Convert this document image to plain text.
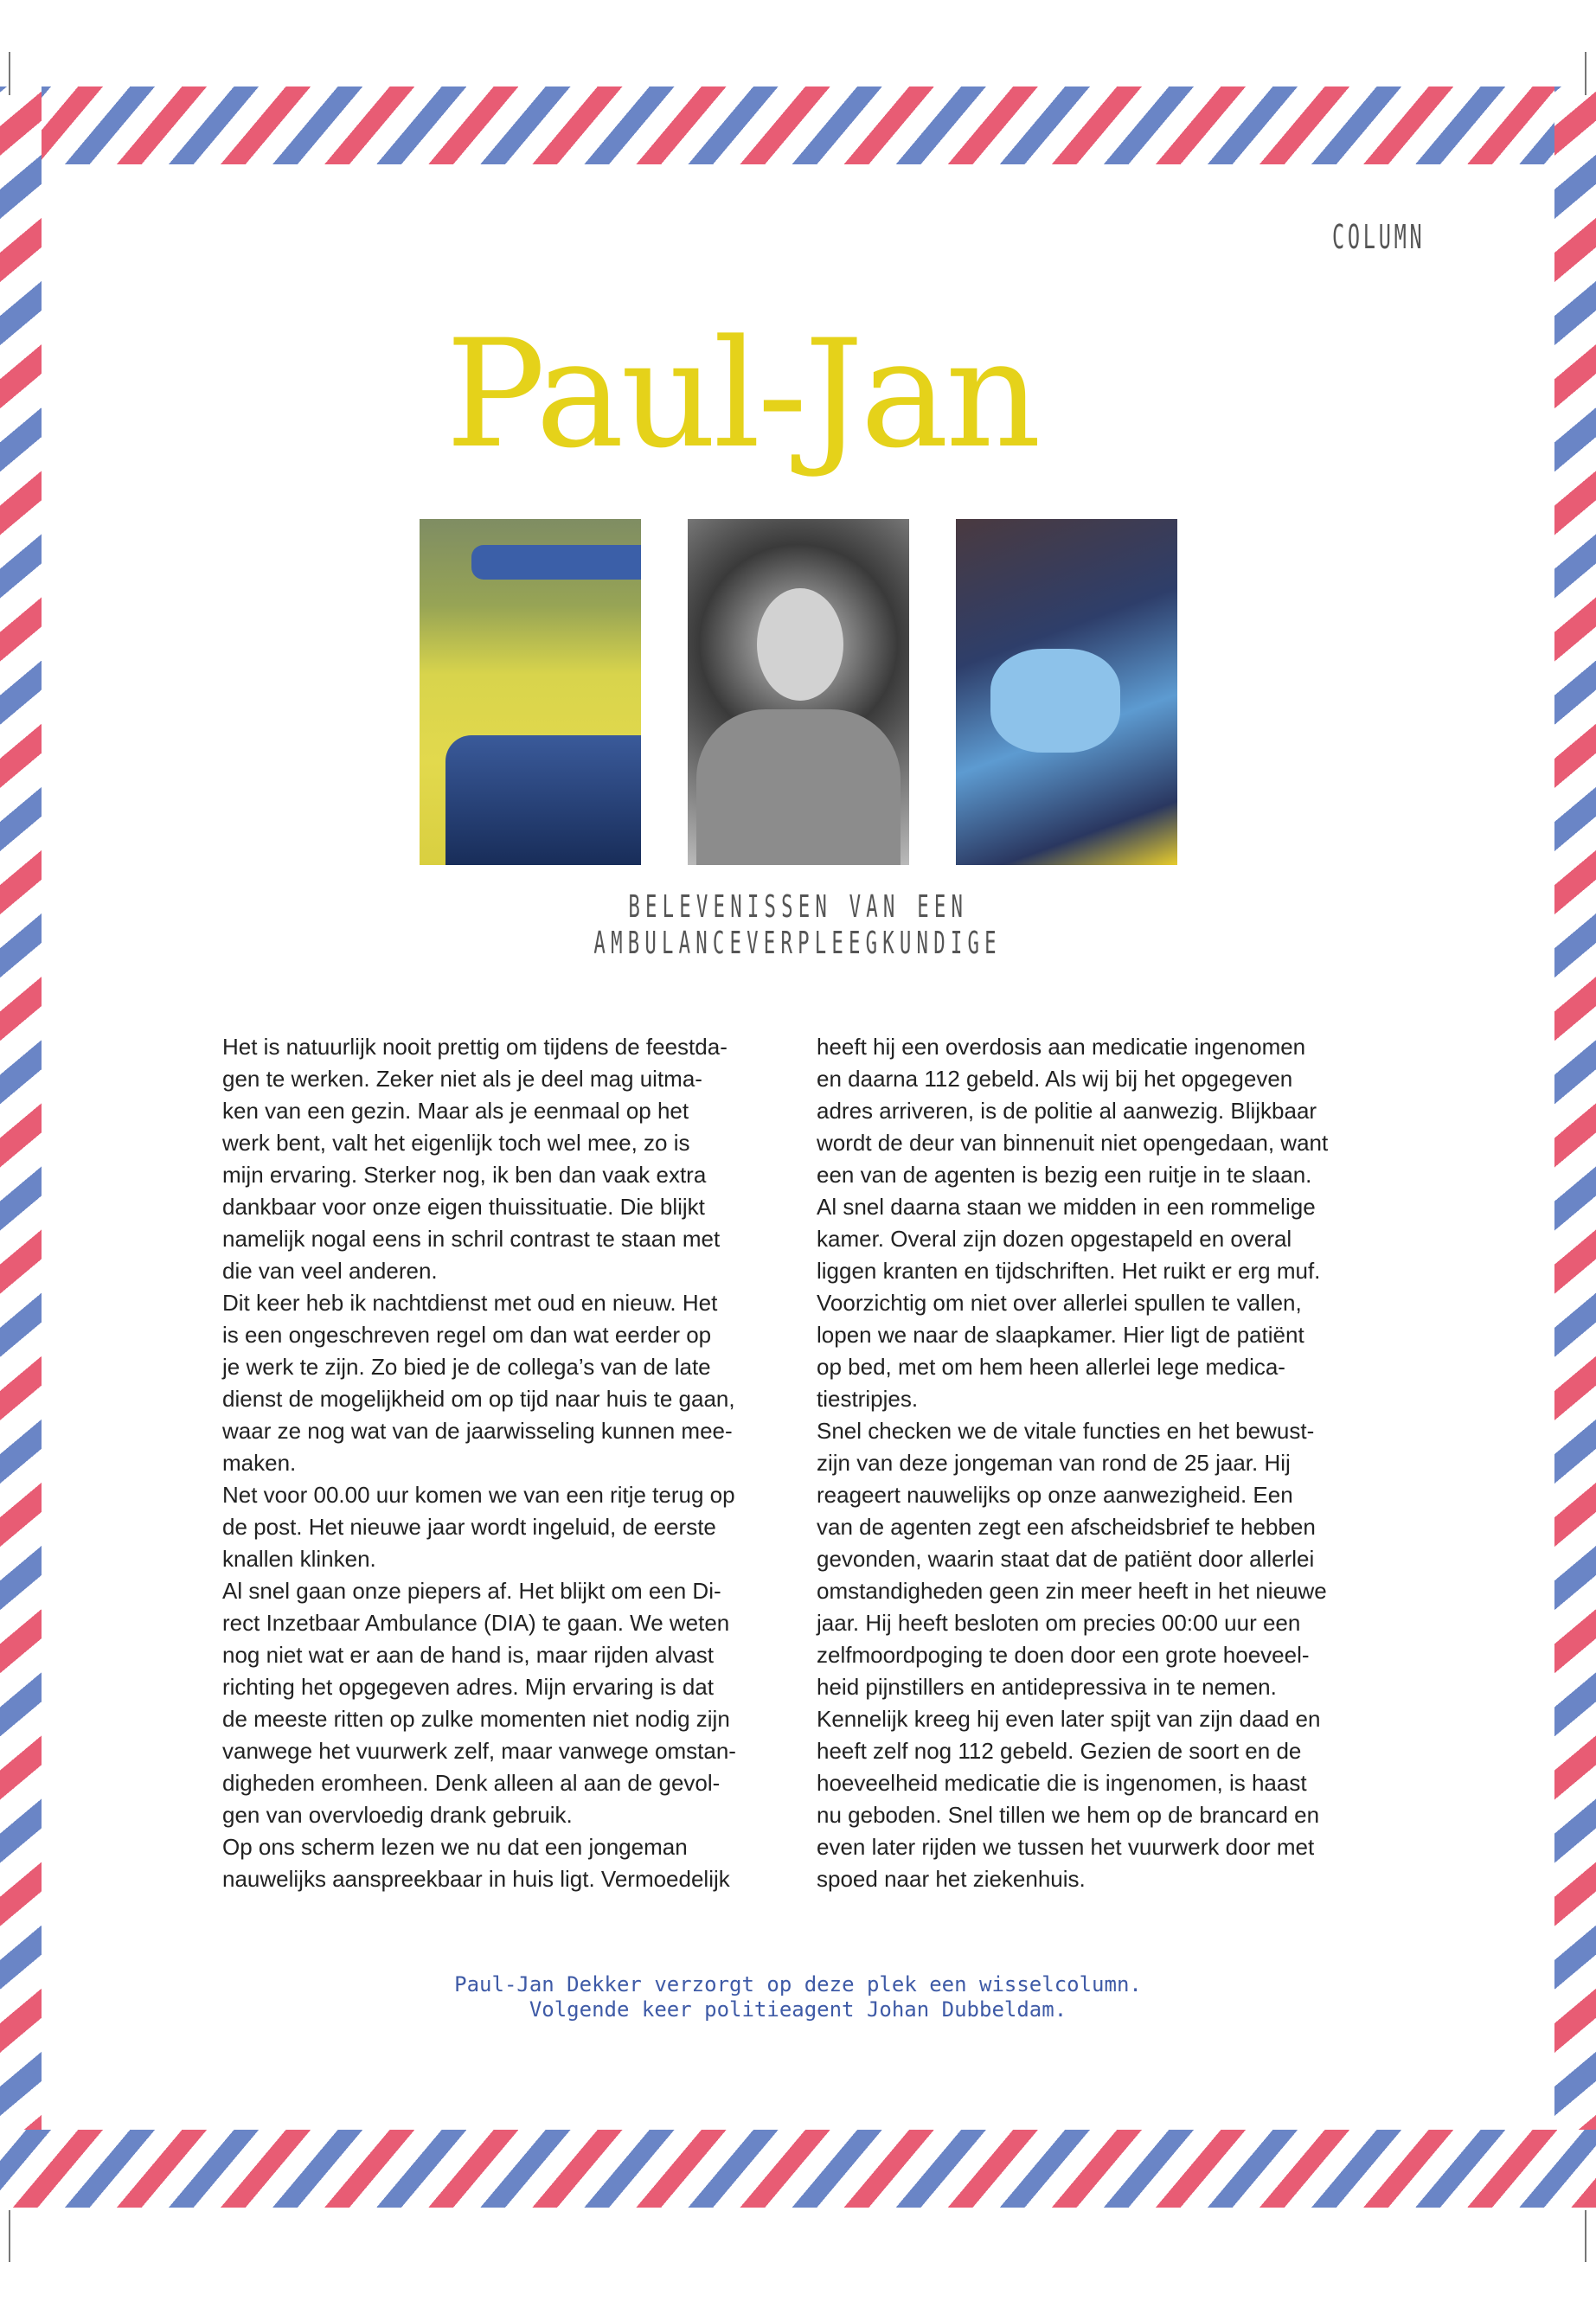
COLUMN
Paul-Jan
BELEVENISSEN VAN EEN
AMBULANCEVERPLEEGKUNDIGE
Het is natuurlijk nooit prettig om tijdens de feestda-
gen te werken. Zeker niet als je deel mag uitma-
ken van een gezin. Maar als je eenmaal op het
werk bent, valt het eigenlijk toch wel mee, zo is
mijn ervaring. Sterker nog, ik ben dan vaak extra
dankbaar voor onze eigen thuissituatie. Die blijkt
namelijk nogal eens in schril contrast te staan met
die van veel anderen.
Dit keer heb ik nachtdienst met oud en nieuw. Het
is een ongeschreven regel om dan wat eerder op
je werk te zijn. Zo bied je de collega’s van de late
dienst de mogelijkheid om op tijd naar huis te gaan,
waar ze nog wat van de jaarwisseling kunnen mee-
maken.
Net voor 00.00 uur komen we van een ritje terug op
de post. Het nieuwe jaar wordt ingeluid, de eerste
knallen klinken.
Al snel gaan onze piepers af. Het blijkt om een Di-
rect Inzetbaar Ambulance (DIA) te gaan. We weten
nog niet wat er aan de hand is, maar rijden alvast
richting het opgegeven adres. Mijn ervaring is dat
de meeste ritten op zulke momenten niet nodig zijn
vanwege het vuurwerk zelf, maar vanwege omstan-
digheden eromheen. Denk alleen al aan de gevol-
gen van overvloedig drank gebruik.
Op ons scherm lezen we nu dat een jongeman
nauwelijks aanspreekbaar in huis ligt. Vermoedelijk
heeft hij een overdosis aan medicatie ingenomen
en daarna 112 gebeld. Als wij bij het opgegeven
adres arriveren, is de politie al aanwezig. Blijkbaar
wordt de deur van binnenuit niet opengedaan, want
een van de agenten is bezig een ruitje in te slaan.
Al snel daarna staan we midden in een rommelige
kamer. Overal zijn dozen opgestapeld en overal
liggen kranten en tijdschriften. Het ruikt er erg muf.
Voorzichtig om niet over allerlei spullen te vallen,
lopen we naar de slaapkamer. Hier ligt de patiënt
op bed, met om hem heen allerlei lege medica-
tiestripjes.
Snel checken we de vitale functies en het bewust-
zijn van deze jongeman van rond de 25 jaar. Hij
reageert nauwelijks op onze aanwezigheid. Een
van de agenten zegt een afscheidsbrief te hebben
gevonden, waarin staat dat de patiënt door allerlei
omstandigheden geen zin meer heeft in het nieuwe
jaar. Hij heeft besloten om precies 00:00 uur een
zelfmoordpoging te doen door een grote hoeveel-
heid pijnstillers en antidepressiva in te nemen.
Kennelijk kreeg hij even later spijt van zijn daad en
heeft zelf nog 112 gebeld. Gezien de soort en de
hoeveelheid medicatie die is ingenomen, is haast
nu geboden. Snel tillen we hem op de brancard en
even later rijden we tussen het vuurwerk door met
spoed naar het ziekenhuis.
Paul-Jan Dekker verzorgt op deze plek een wisselcolumn.
Volgende keer politieagent Johan Dubbeldam.
